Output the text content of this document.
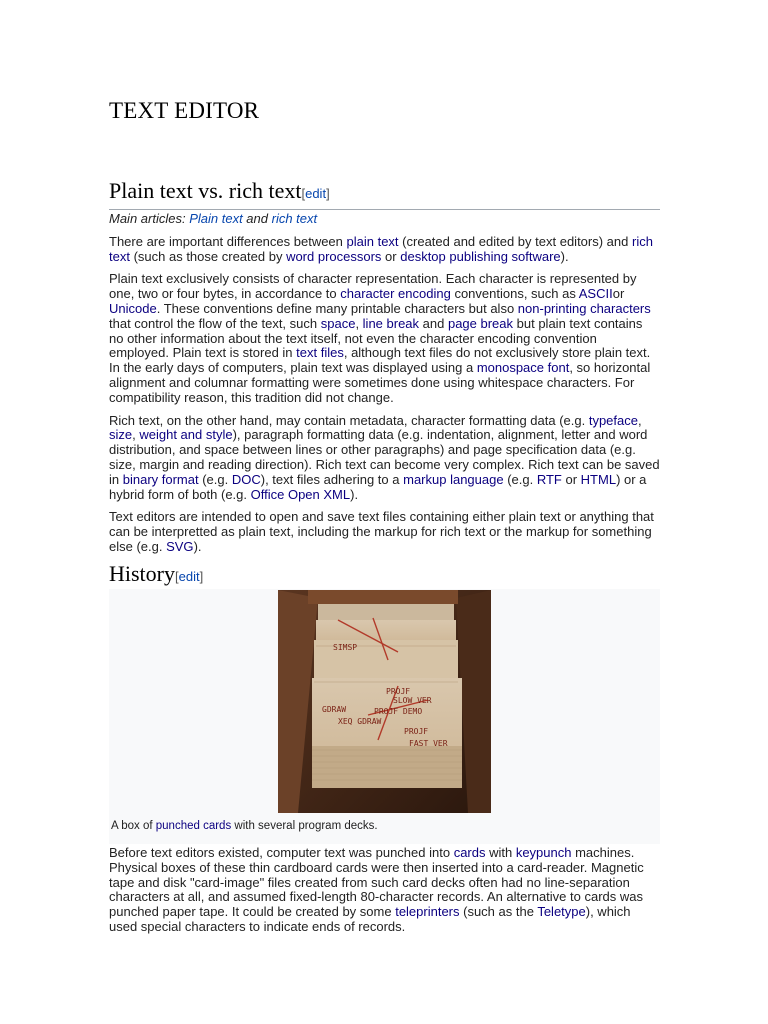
TEXT EDITOR
Plain text vs. rich text[edit]
Main articles: Plain text and rich text

There are important differences between plain text (created and edited by text editors) and rich text (such as those created by word processors or desktop publishing software).

Plain text exclusively consists of character representation. Each character is represented by one, two or four bytes, in accordance to character encoding conventions, such as ASCIIor Unicode. These conventions define many printable characters but also non-printing characters that control the flow of the text, such space, line break and page break but plain text contains no other information about the text itself, not even the character encoding convention employed. Plain text is stored in text files, although text files do not exclusively store plain text. In the early days of computers, plain text was displayed using a monospace font, so horizontal alignment and columnar formatting were sometimes done using whitespace characters. For compatibility reason, this tradition did not change.

Rich text, on the other hand, may contain metadata, character formatting data (e.g. typeface, size, weight and style), paragraph formatting data (e.g. indentation, alignment, letter and word distribution, and space between lines or other paragraphs) and page specification data (e.g. size, margin and reading direction). Rich text can become very complex. Rich text can be saved in binary format (e.g. DOC), text files adhering to a markup language (e.g. RTF or HTML) or a hybrid form of both (e.g. Office Open XML).

Text editors are intended to open and save text files containing either plain text or anything that can be interpretted as plain text, including the markup for rich text or the markup for something else (e.g. SVG).

History[edit]
SIMSP
PROJF
SLOW VER
GDRAW	PROJF DEMO
XEQ GDRAW
PROJF
FAST VER
A box of punched cards with several program decks.

Before text editors existed, computer text was punched into cards with keypunch machines. Physical boxes of these thin cardboard cards were then inserted into a card-reader. Magnetic tape and disk "card-image" files created from such card decks often had no line-separation characters at all, and assumed fixed-length 80-character records. An alternative to cards was punched paper tape. It could be created by some teleprinters (such as the Teletype), which used special characters to indicate ends of records.
